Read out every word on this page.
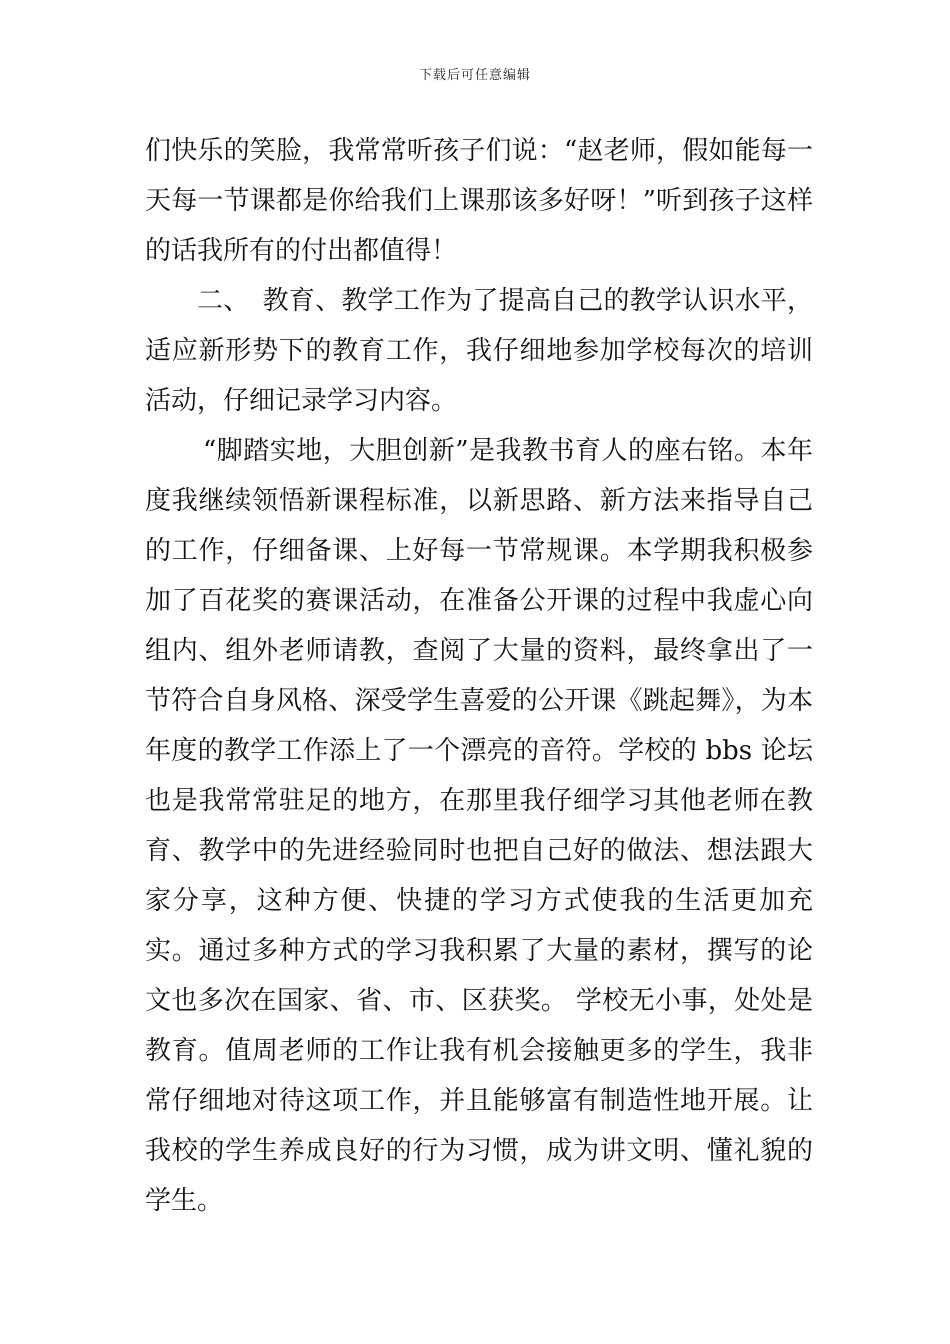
下载后可任意编辑

们快乐的笑脸，我常常听孩子们说：“赵老师，假如能每一天每一节课都是你给我们上课那该多好呀！”听到孩子这样的话我所有的付出都值得！

二、　教育、教学工作为了提高自己的教学认识水平，适应新形势下的教育工作，我仔细地参加学校每次的培训活动，仔细记录学习内容。

“脚踏实地，大胆创新”是我教书育人的座右铭。本年度我继续领悟新课程标准，以新思路、新方法来指导自己的工作，仔细备课、上好每一节常规课。本学期我积极参加了百花奖的赛课活动，在准备公开课的过程中我虚心向组内、组外老师请教，查阅了大量的资料，最终拿出了一节符合自身风格、深受学生喜爱的公开课《跳起舞》，为本年度的教学工作添上了一个漂亮的音符。学校的 bbs 论坛也是我常常驻足的地方，在那里我仔细学习其他老师在教育、教学中的先进经验同时也把自己好的做法、想法跟大家分享，这种方便、快捷的学习方式使我的生活更加充实。通过多种方式的学习我积累了大量的素材，撰写的论文也多次在国家、省、市、区获奖。 学校无小事，处处是教育。值周老师的工作让我有机会接触更多的学生，我非常仔细地对待这项工作，并且能够富有制造性地开展。让我校的学生养成良好的行为习惯，成为讲文明、懂礼貌的学生。
